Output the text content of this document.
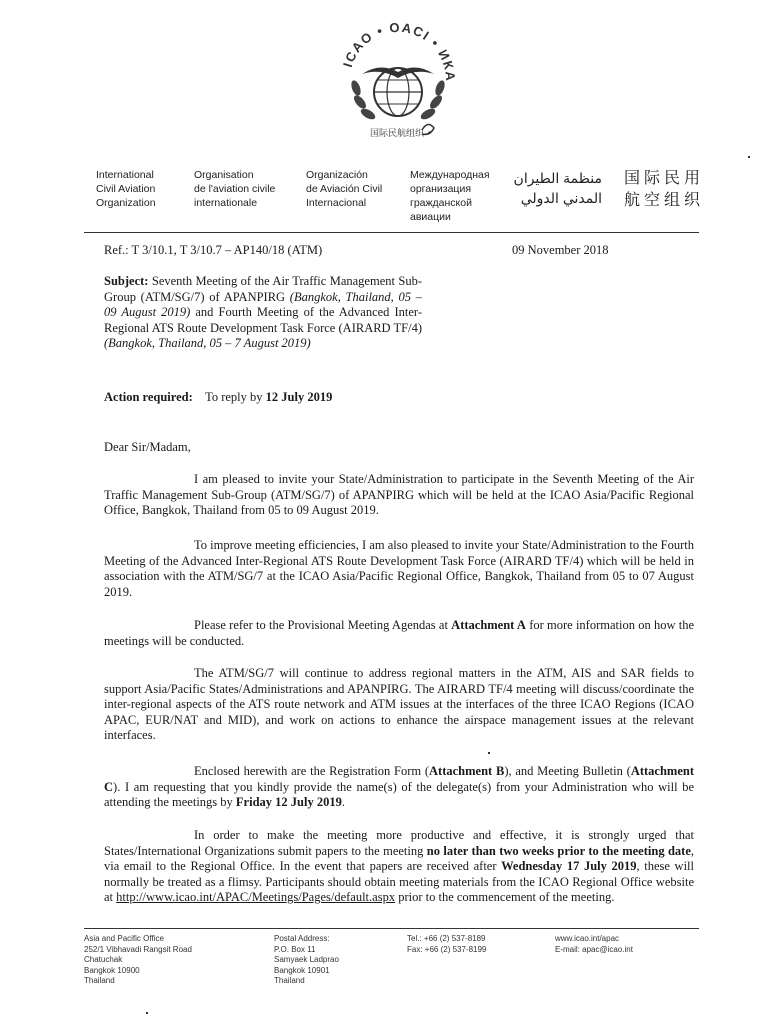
ICAO • OACI • ИКА
国际民航组织 •
International
Civil Aviation
Organization
Organisation
de l'aviation civile
internationale
Organización
de Aviación Civil
Internacional
Международная
организация
гражданской
авиации
منظمة الطيران
المدني الدولي
国际民用
航空组织
Ref.: T 3/10.1, T 3/10.7 – AP140/18 (ATM)	09 November 2018
Subject: Seventh Meeting of the Air Traffic Management Sub-Group (ATM/SG/7) of APANPIRG (Bangkok, Thailand, 05 – 09 August 2019) and Fourth Meeting of the Advanced Inter-Regional ATS Route Development Task Force (AIRARD TF/4) (Bangkok, Thailand, 05 – 7 August 2019)
Action required: To reply by 12 July 2019
Dear Sir/Madam,
I am pleased to invite your State/Administration to participate in the Seventh Meeting of the Air Traffic Management Sub-Group (ATM/SG/7) of APANPIRG which will be held at the ICAO Asia/Pacific Regional Office, Bangkok, Thailand from 05 to 09 August 2019.
To improve meeting efficiencies, I am also pleased to invite your State/Administration to the Fourth Meeting of the Advanced Inter-Regional ATS Route Development Task Force (AIRARD TF/4) which will be held in association with the ATM/SG/7 at the ICAO Asia/Pacific Regional Office, Bangkok, Thailand from 05 to 07 August 2019.
Please refer to the Provisional Meeting Agendas at Attachment A for more information on how the meetings will be conducted.
The ATM/SG/7 will continue to address regional matters in the ATM, AIS and SAR fields to support Asia/Pacific States/Administrations and APANPIRG. The AIRARD TF/4 meeting will discuss/coordinate the inter-regional aspects of the ATS route network and ATM issues at the interfaces of the three ICAO Regions (ICAO APAC, EUR/NAT and MID), and work on actions to enhance the airspace management issues at the relevant interfaces.
Enclosed herewith are the Registration Form (Attachment B), and Meeting Bulletin (Attachment C). I am requesting that you kindly provide the name(s) of the delegate(s) from your Administration who will be attending the meetings by Friday 12 July 2019.
In order to make the meeting more productive and effective, it is strongly urged that States/International Organizations submit papers to the meeting no later than two weeks prior to the meeting date, via email to the Regional Office. In the event that papers are received after Wednesday 17 July 2019, these will normally be treated as a flimsy. Participants should obtain meeting materials from the ICAO Regional Office website at http://www.icao.int/APAC/Meetings/Pages/default.aspx prior to the commencement of the meeting.
Asia and Pacific Office
252/1 Vibhavadi Rangsit Road
Chatuchak
Bangkok 10900
Thailand
Postal Address:
P.O. Box 11
Samyaek Ladprao
Bangkok 10901
Thailand
Tel.: +66 (2) 537-8189
Fax: +66 (2) 537-8199
www.icao.int/apac
E-mail: apac@icao.int
